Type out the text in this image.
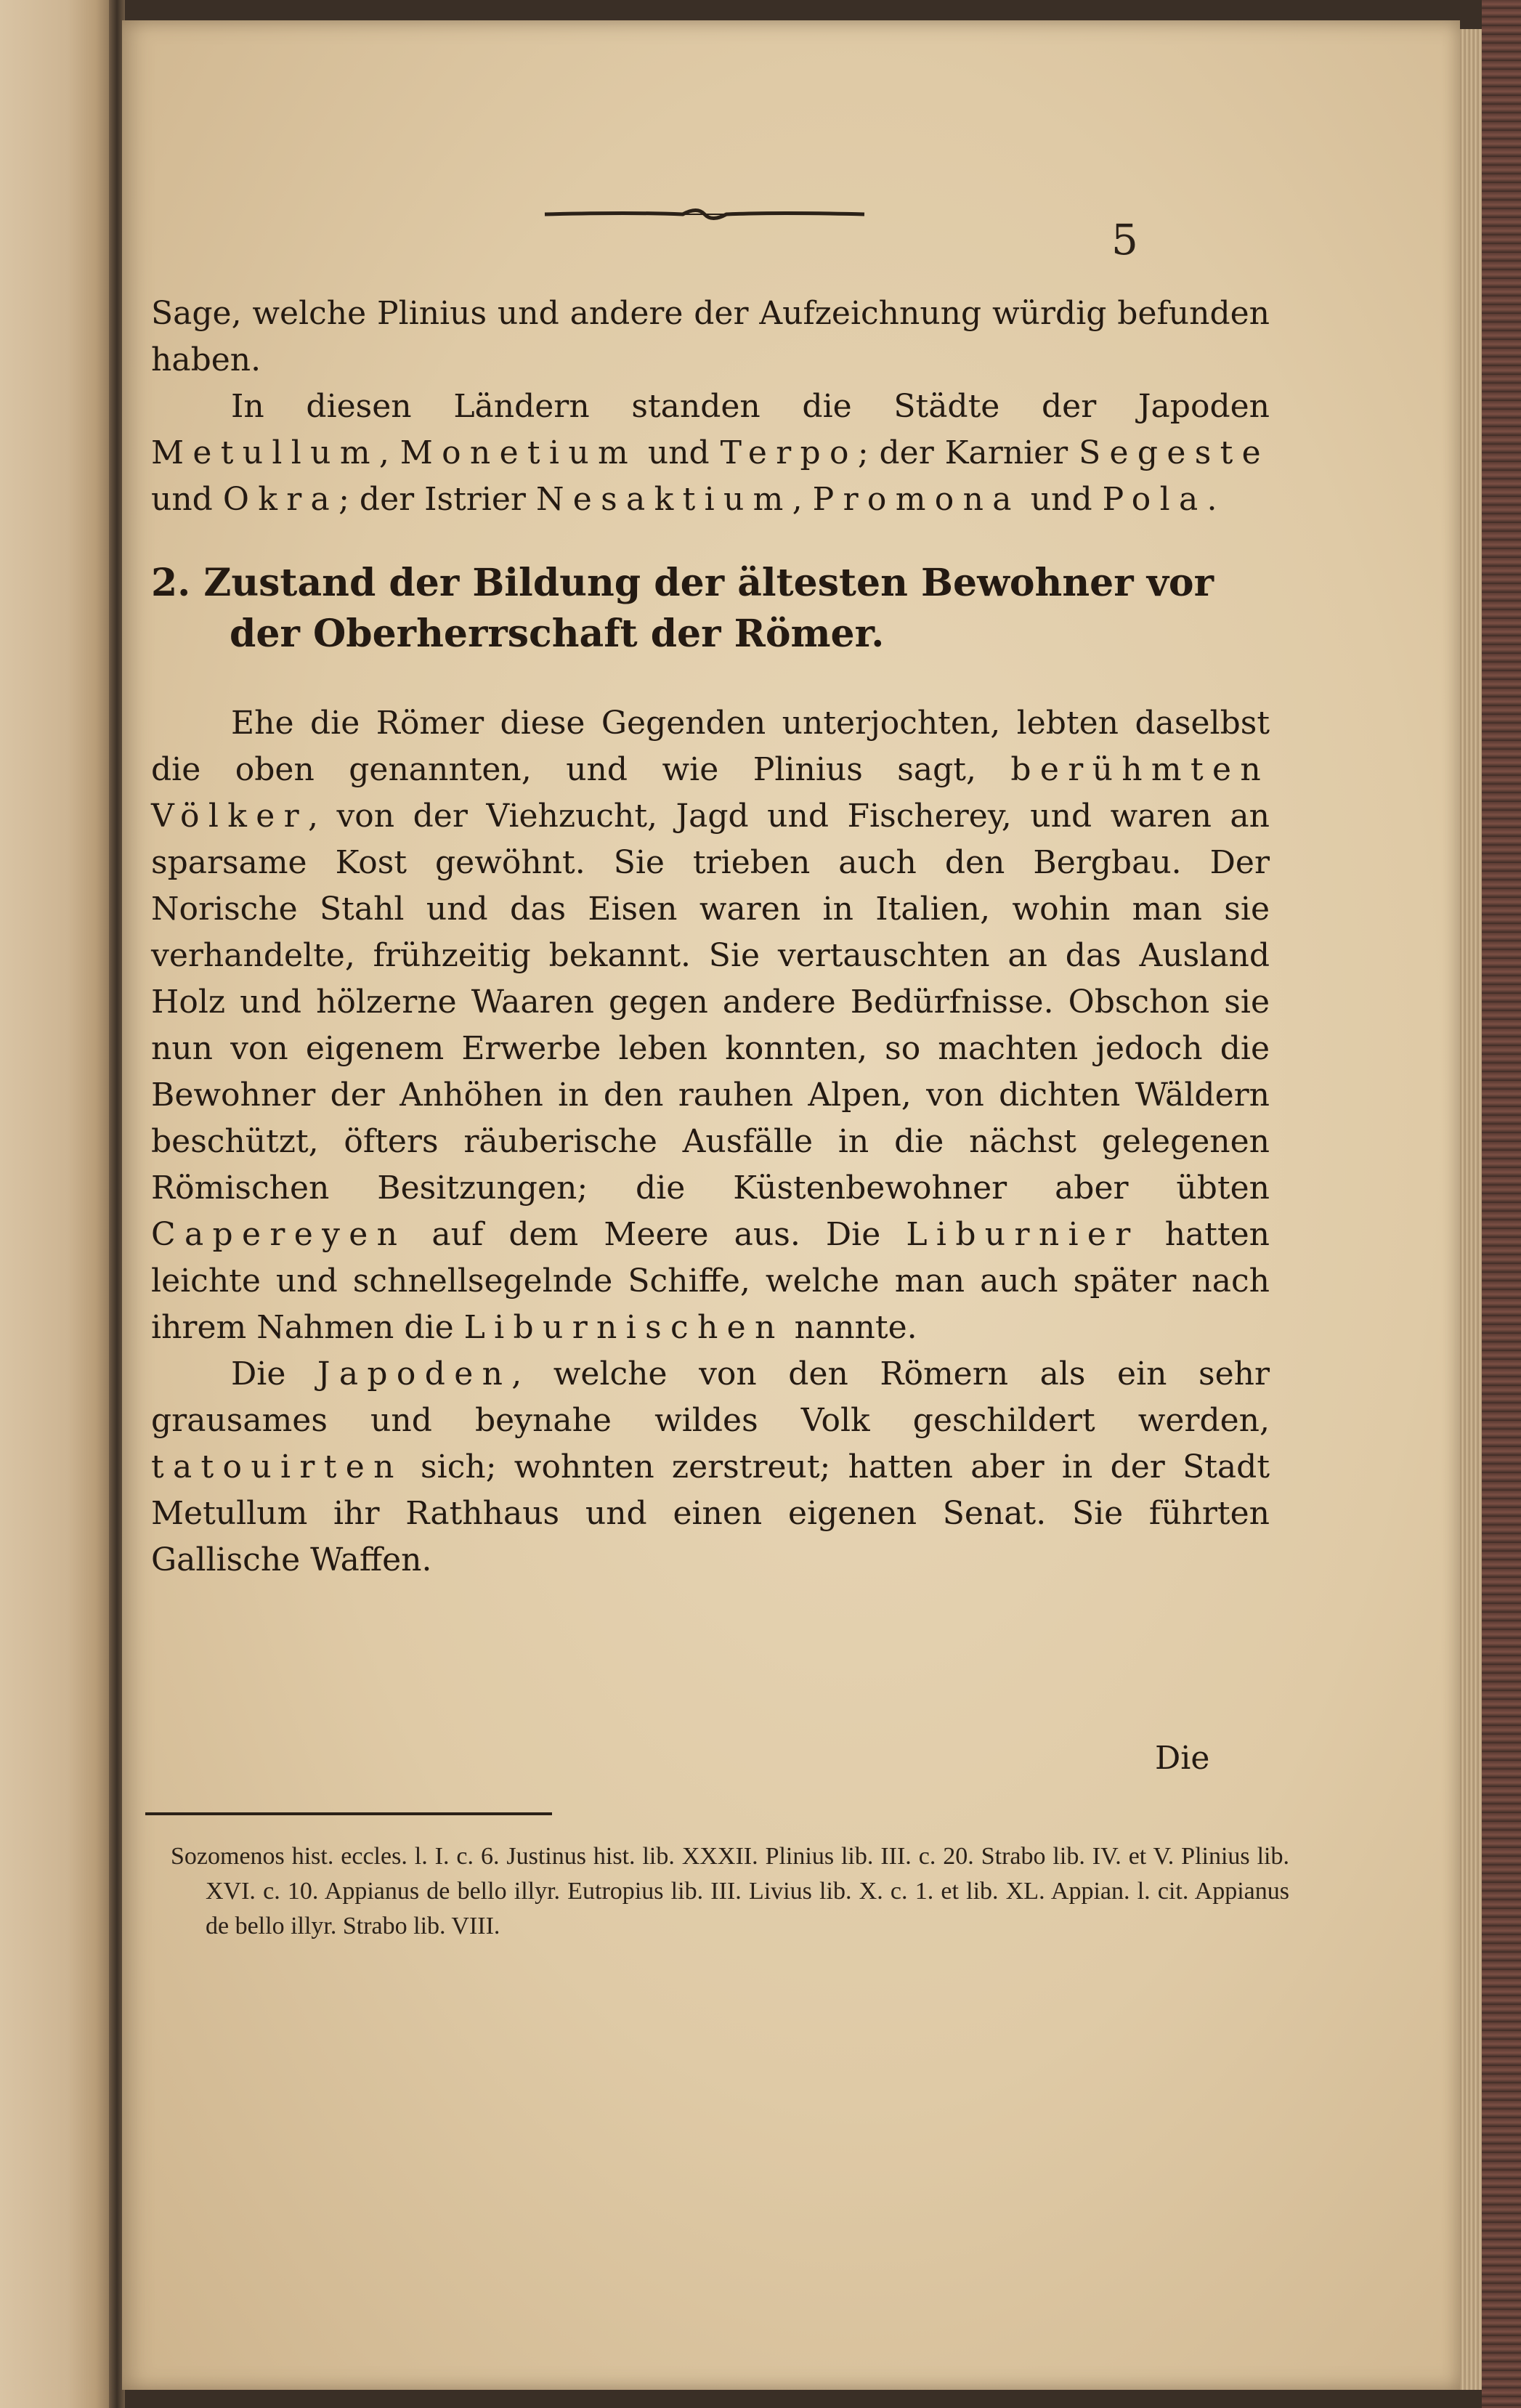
5

Sage, welche Plinius und andere der Aufzeichnung würdig befunden haben.

In diesen Ländern standen die Städte der Japoden Metullum, Monetium und Terpo; der Karnier Segeste und Okra; der Istrier Nesaktium, Promona und Pola.

2. Zustand der Bildung der ältesten Bewohner vor
der Oberherrschaft der Römer.

Ehe die Römer diese Gegenden unterjochten, lebten daselbst die oben genannten, und wie Plinius sagt, berühmten Völker, von der Viehzucht, Jagd und Fischerey, und waren an sparsame Kost gewöhnt. Sie trieben auch den Bergbau. Der Norische Stahl und das Eisen waren in Italien, wohin man sie verhandelte, frühzeitig bekannt. Sie vertauschten an das Ausland Holz und hölzerne Waaren gegen andere Bedürfnisse. Obschon sie nun von eigenem Erwerbe leben konnten, so machten jedoch die Bewohner der Anhöhen in den rauhen Alpen, von dichten Wäldern beschützt, öfters räuberische Ausfälle in die nächst gelegenen Römischen Besitzungen; die Küstenbewohner aber übten Capereyen auf dem Meere aus. Die Liburnier hatten leichte und schnellsegelnde Schiffe, welche man auch später nach ihrem Nahmen die Liburnischen nannte.

Die Japoden, welche von den Römern als ein sehr grausames und beynahe wildes Volk geschildert werden, tatouirten sich; wohnten zerstreut; hatten aber in der Stadt Metullum ihr Rathhaus und einen eigenen Senat. Sie führten Gallische Waffen.

Die

Sozomenos hist. eccles. l. I. c. 6. Justinus hist. lib. XXXII. Plinius lib. III. c. 20. Strabo lib. IV. et V. Plinius lib. XVI. c. 10. Appianus de bello illyr. Eutropius lib. III. Livius lib. X. c. 1. et lib. XL. Appian. l. cit. Appianus de bello illyr. Strabo lib. VIII.
